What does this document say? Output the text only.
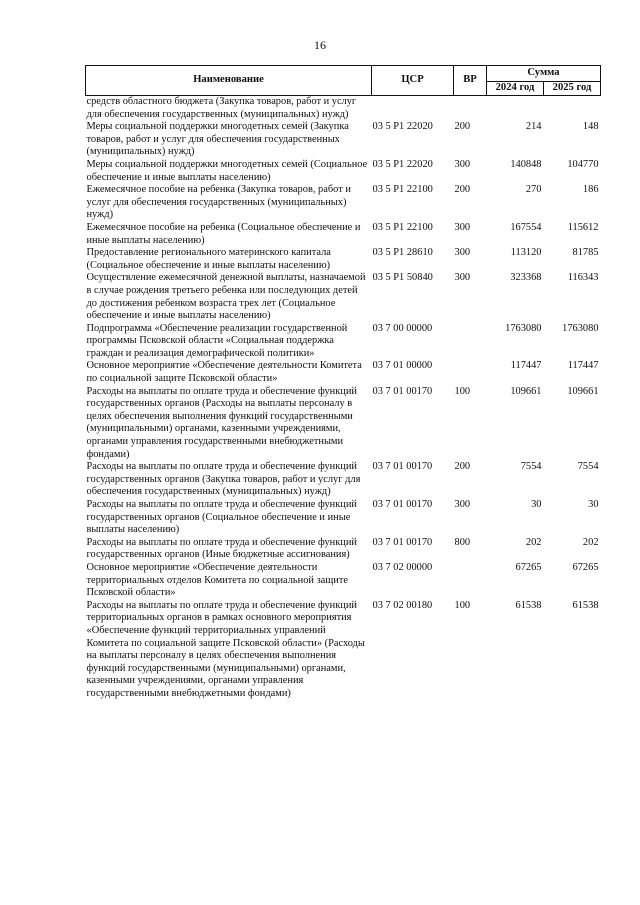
16
Наименование	ЦСР	ВР	Сумма	
			2024 год	2025 год
средств областного бюджета (Закупка товаров, работ и услуг для обеспечения государственных (муниципальных) нужд)				
Меры социальной поддержки многодетных семей (Закупка товаров, работ и услуг для обеспечения государственных (муниципальных) нужд)	03 5 Р1 22020	200	214	148
Меры социальной поддержки многодетных семей (Социальное обеспечение и иные выплаты населению)	03 5 Р1 22020	300	140848	104770
Ежемесячное пособие на ребенка (Закупка товаров, работ и услуг для обеспечения государственных (муниципальных) нужд)	03 5 Р1 22100	200	270	186
Ежемесячное пособие на ребенка (Социальное обеспечение и иные выплаты населению)	03 5 Р1 22100	300	167554	115612
Предоставление регионального материнского капитала (Социальное обеспечение и иные выплаты населению)	03 5 Р1 28610	300	113120	81785
Осуществление ежемесячной денежной выплаты, назначаемой в случае рождения третьего ребенка или последующих детей до достижения ребенком возраста трех лет (Социальное обеспечение и иные выплаты населению)	03 5 Р1 50840	300	323368	116343
Подпрограмма «Обеспечение реализации государственной программы Псковской области «Социальная поддержка граждан и реализация демографической политики»	03 7 00 00000		1763080	1763080
Основное мероприятие «Обеспечение деятельности Комитета по социальной защите Псковской области»	03 7 01 00000		117447	117447
Расходы на выплаты по оплате труда и обеспечение функций государственных органов (Расходы на выплаты персоналу в целях обеспечения выполнения функций государственными (муниципальными) органами, казенными учреждениями, органами управления государственными внебюджетными фондами)	03 7 01 00170	100	109661	109661
Расходы на выплаты по оплате труда и обеспечение функций государственных органов (Закупка товаров, работ и услуг для обеспечения государственных (муниципальных) нужд)	03 7 01 00170	200	7554	7554
Расходы на выплаты по оплате труда и обеспечение функций государственных органов (Социальное обеспечение и иные выплаты населению)	03 7 01 00170	300	30	30
Расходы на выплаты по оплате труда и обеспечение функций государственных органов (Иные бюджетные ассигнования)	03 7 01 00170	800	202	202
Основное мероприятие «Обеспечение деятельности территориальных отделов Комитета по социальной защите Псковской области»	03 7 02 00000		67265	67265
Расходы на выплаты по оплате труда и обеспечение функций территориальных органов в рамках основного мероприятия «Обеспечение функций территориальных управлений Комитета по социальной защите Псковской области» (Расходы на выплаты персоналу в целях обеспечения выполнения функций государственными (муниципальными) органами, казенными учреждениями, органами управления государственными внебюджетными фондами)	03 7 02 00180	100	61538	61538
